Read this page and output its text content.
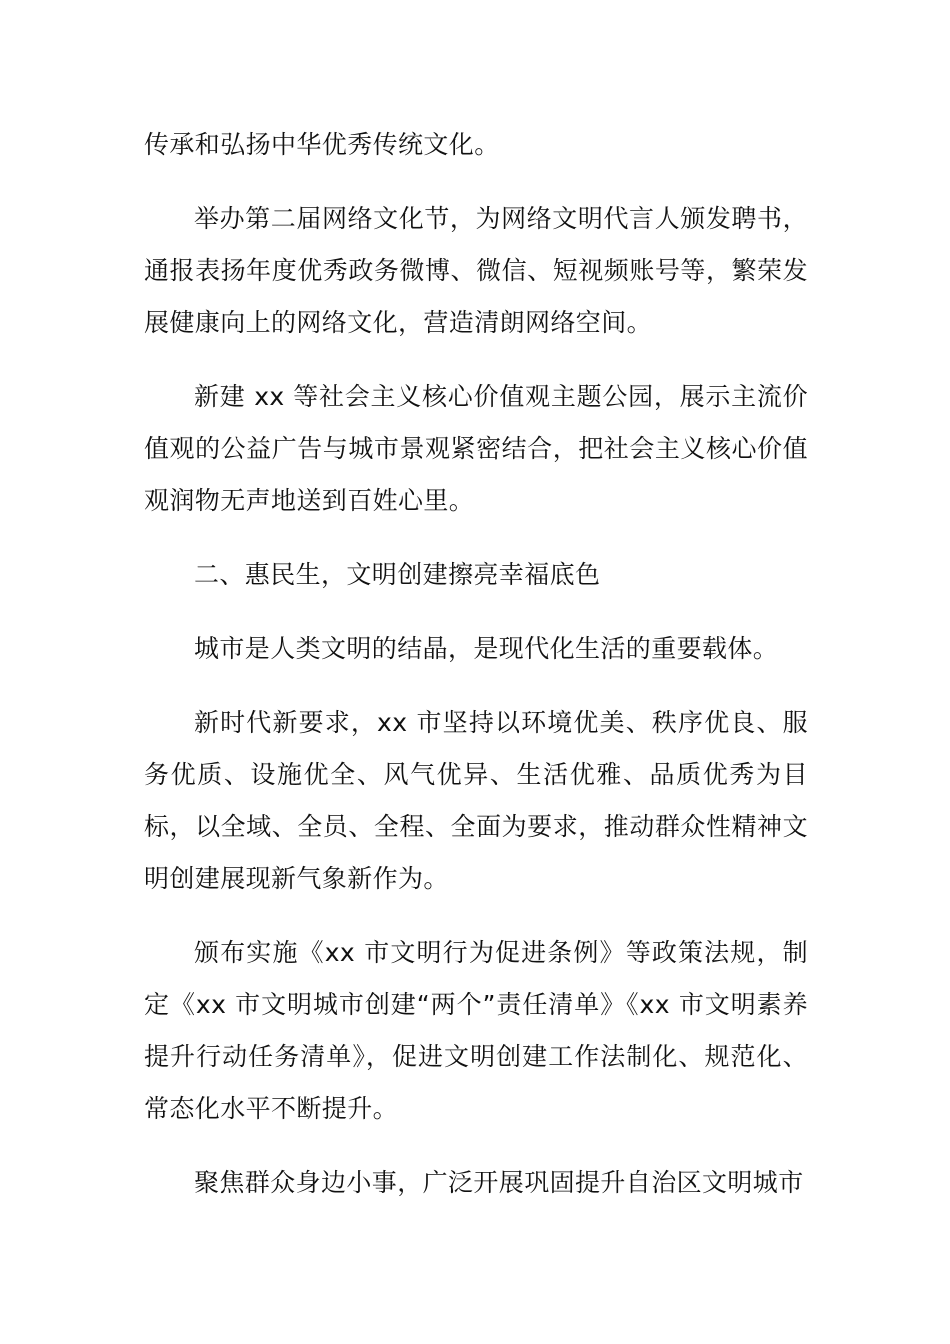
传承和弘扬中华优秀传统文化。

举办第二届网络文化节，为网络文明代言人颁发聘书，通报表扬年度优秀政务微博、微信、短视频账号等，繁荣发展健康向上的网络文化，营造清朗网络空间。

新建 xx 等社会主义核心价值观主题公园，展示主流价值观的公益广告与城市景观紧密结合，把社会主义核心价值观润物无声地送到百姓心里。

二、惠民生，文明创建擦亮幸福底色

城市是人类文明的结晶，是现代化生活的重要载体。

新时代新要求，xx 市坚持以环境优美、秩序优良、服务优质、设施优全、风气优异、生活优雅、品质优秀为目标，以全域、全员、全程、全面为要求，推动群众性精神文明创建展现新气象新作为。

颁布实施《xx 市文明行为促进条例》等政策法规，制定《xx 市文明城市创建“两个”责任清单》《xx 市文明素养提升行动任务清单》，促进文明创建工作法制化、规范化、常态化水平不断提升。

聚焦群众身边小事，广泛开展巩固提升自治区文明城市
